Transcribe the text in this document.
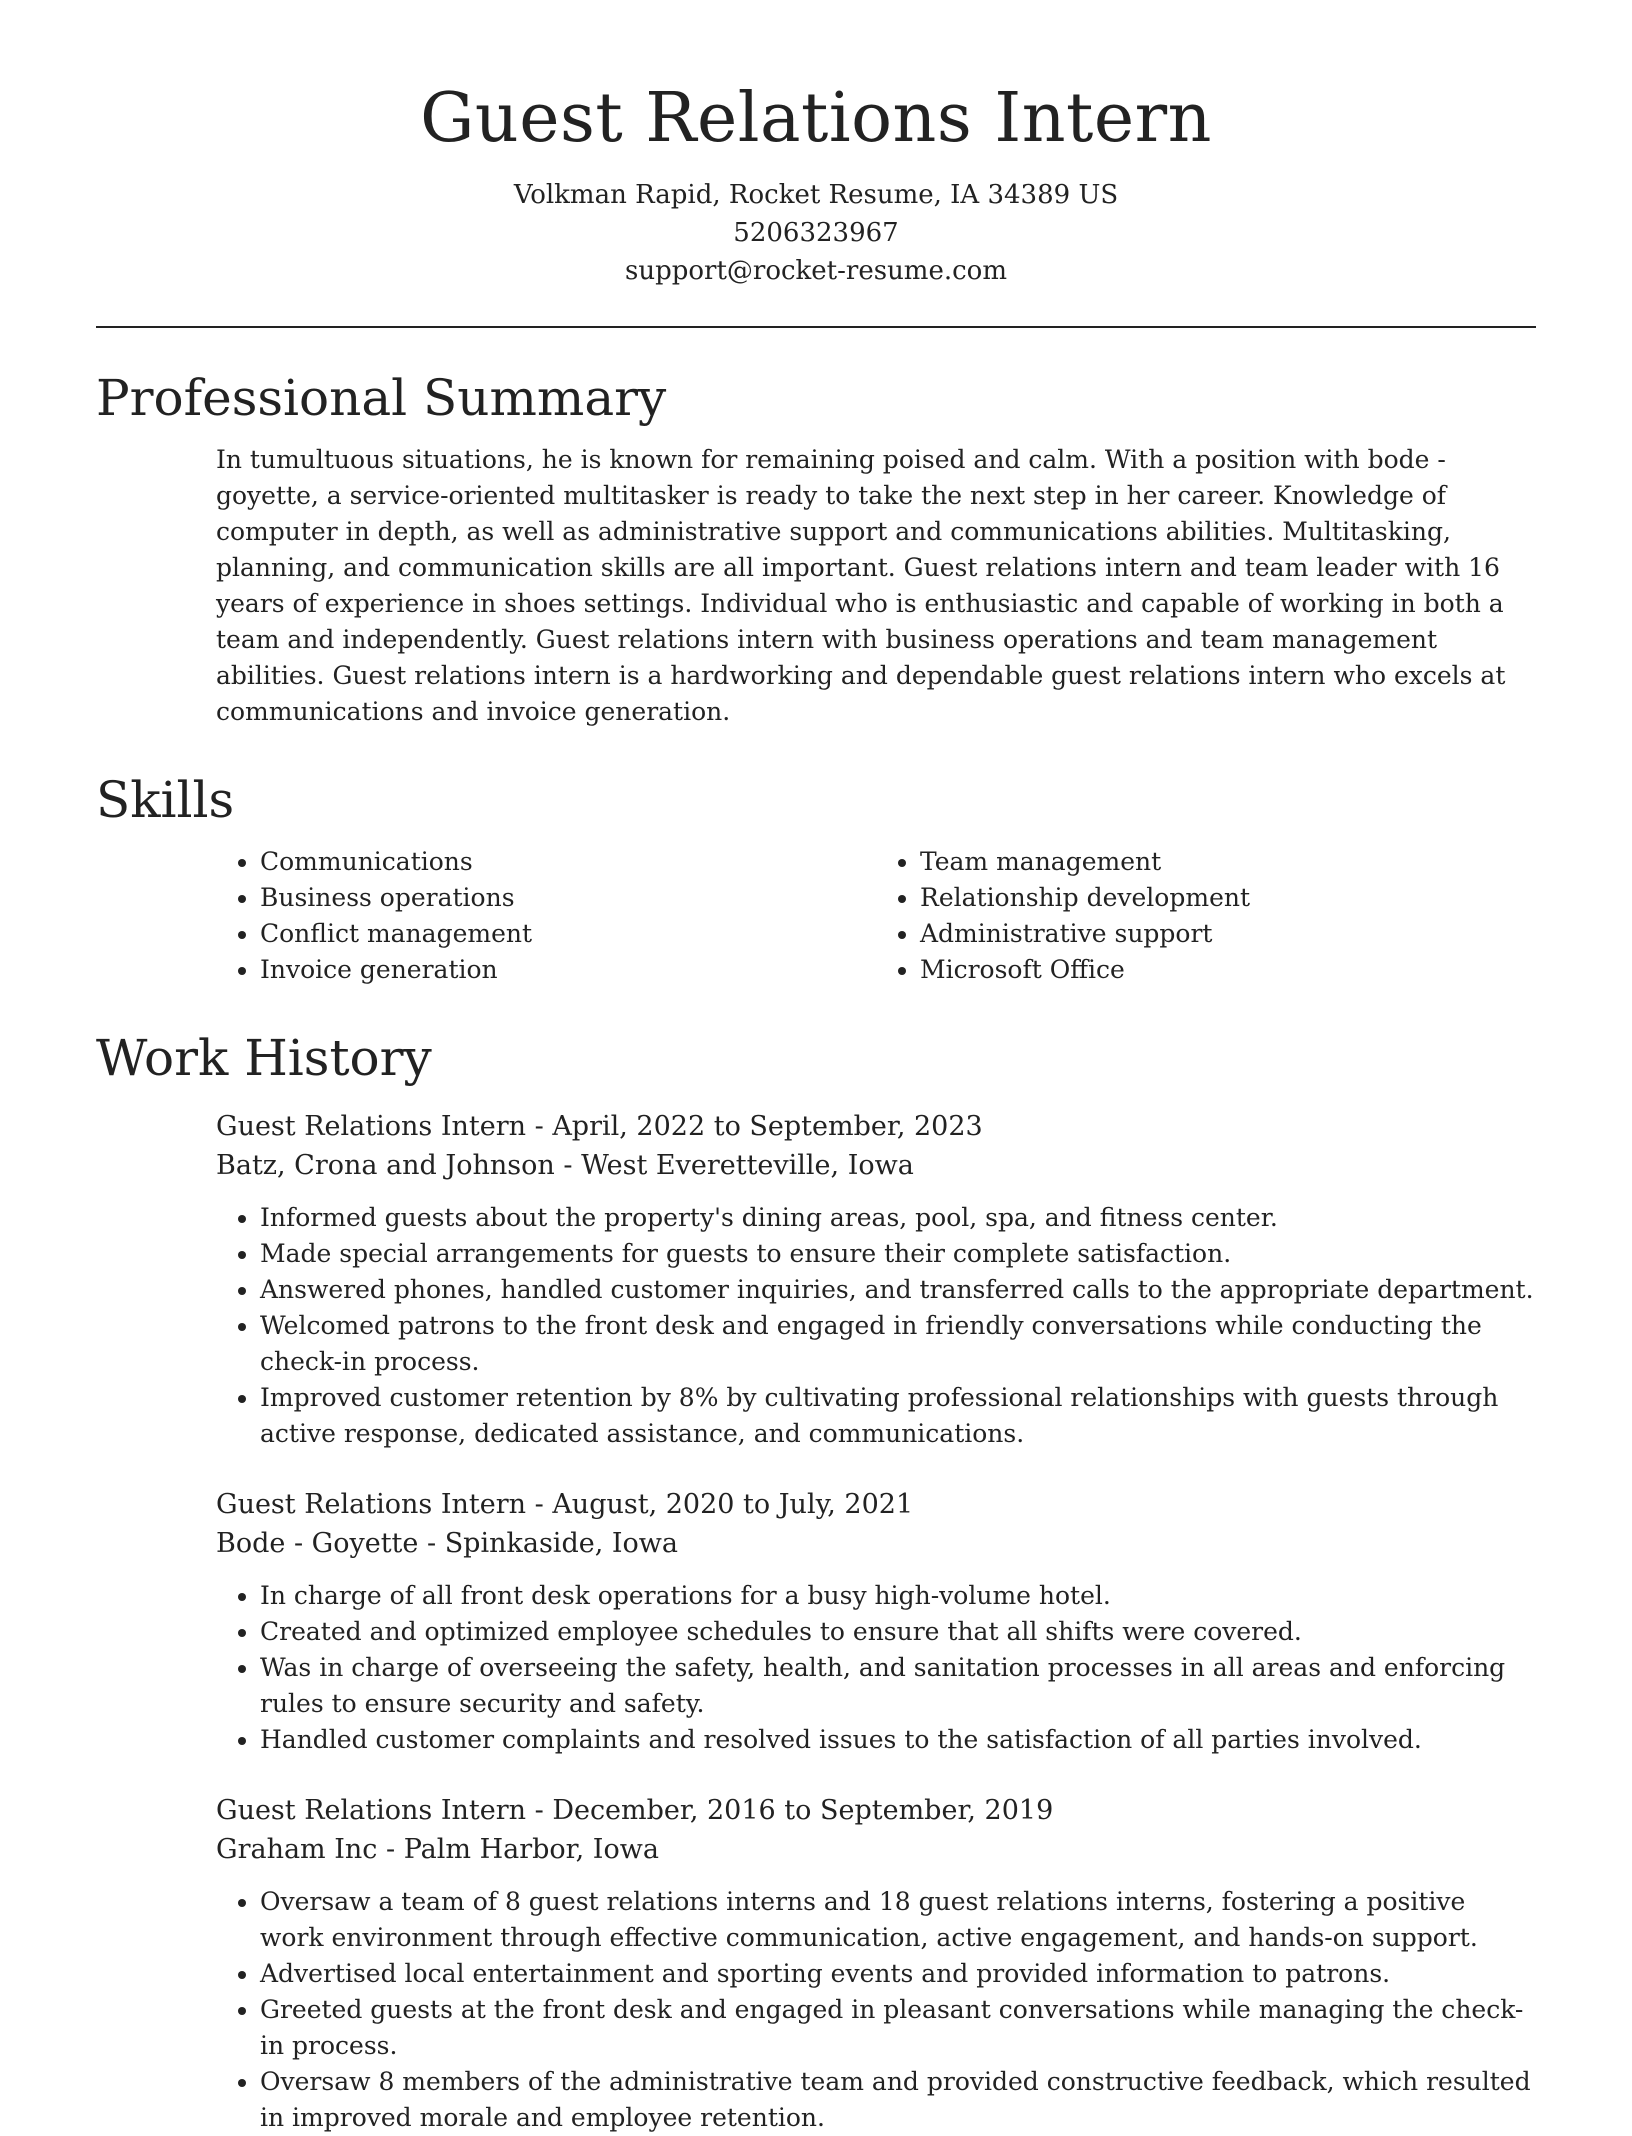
Guest Relations Intern
Volkman Rapid, Rocket Resume, IA 34389 US
5206323967
support@rocket-resume.com
Professional Summary
In tumultuous situations, he is known for remaining poised and calm. With a position with bode - goyette, a service-oriented multitasker is ready to take the next step in her career. Knowledge of computer in depth, as well as administrative support and communications abilities. Multitasking, planning, and communication skills are all important. Guest relations intern and team leader with 16 years of experience in shoes settings. Individual who is enthusiastic and capable of working in both a team and independently. Guest relations intern with business operations and team management abilities. Guest relations intern is a hardworking and dependable guest relations intern who excels at communications and invoice generation.
Skills
• Communications
• Business operations
• Conflict management
• Invoice generation
• Team management
• Relationship development
• Administrative support
• Microsoft Office
Work History
Guest Relations Intern - April, 2022 to September, 2023
Batz, Crona and Johnson - West Everetteville, Iowa
• Informed guests about the property's dining areas, pool, spa, and fitness center.
• Made special arrangements for guests to ensure their complete satisfaction.
• Answered phones, handled customer inquiries, and transferred calls to the appropriate department.
• Welcomed patrons to the front desk and engaged in friendly conversations while conducting the check-in process.
• Improved customer retention by 8% by cultivating professional relationships with guests through active response, dedicated assistance, and communications.
Guest Relations Intern - August, 2020 to July, 2021
Bode - Goyette - Spinkaside, Iowa
• In charge of all front desk operations for a busy high-volume hotel.
• Created and optimized employee schedules to ensure that all shifts were covered.
• Was in charge of overseeing the safety, health, and sanitation processes in all areas and enforcing rules to ensure security and safety.
• Handled customer complaints and resolved issues to the satisfaction of all parties involved.
Guest Relations Intern - December, 2016 to September, 2019
Graham Inc - Palm Harbor, Iowa
• Oversaw a team of 8 guest relations interns and 18 guest relations interns, fostering a positive work environment through effective communication, active engagement, and hands-on support.
• Advertised local entertainment and sporting events and provided information to patrons.
• Greeted guests at the front desk and engaged in pleasant conversations while managing the check-in process.
• Oversaw 8 members of the administrative team and provided constructive feedback, which resulted in improved morale and employee retention.
